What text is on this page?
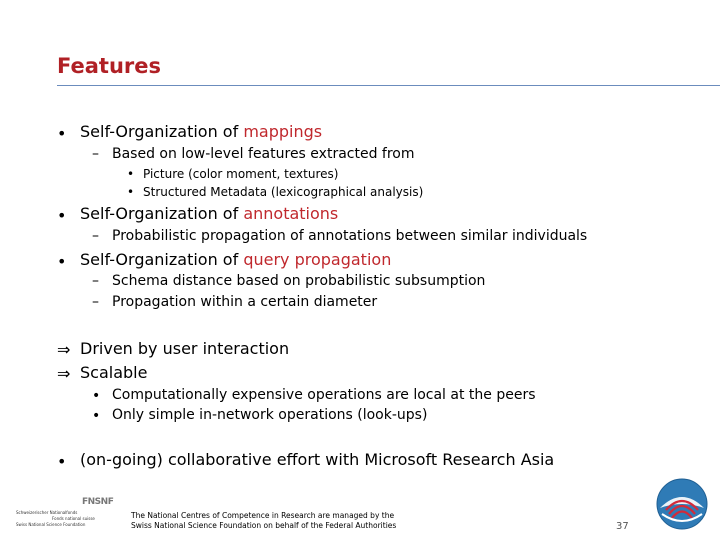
Features
• Self-Organization of mappings
– Based on low-level features extracted from
• Picture (color moment, textures)
• Structured Metadata (lexicographical analysis)
• Self-Organization of annotations
– Probabilistic propagation of annotations between similar individuals
• Self-Organization of query propagation
– Schema distance based on probabilistic subsumption
– Propagation within a certain diameter
⇒ Driven by user interaction
⇒ Scalable
• Computationally expensive operations are local at the peers
• Only simple in-network operations (look-ups)
• (on-going) collaborative effort with Microsoft Research Asia
FNSNF
Schweizerischer Nationalfonds
Fonds national suisse
Swiss National Science Foundation
The National Centres of Competence in Research are managed by the
Swiss National Science Foundation on behalf of the Federal Authorities	37
